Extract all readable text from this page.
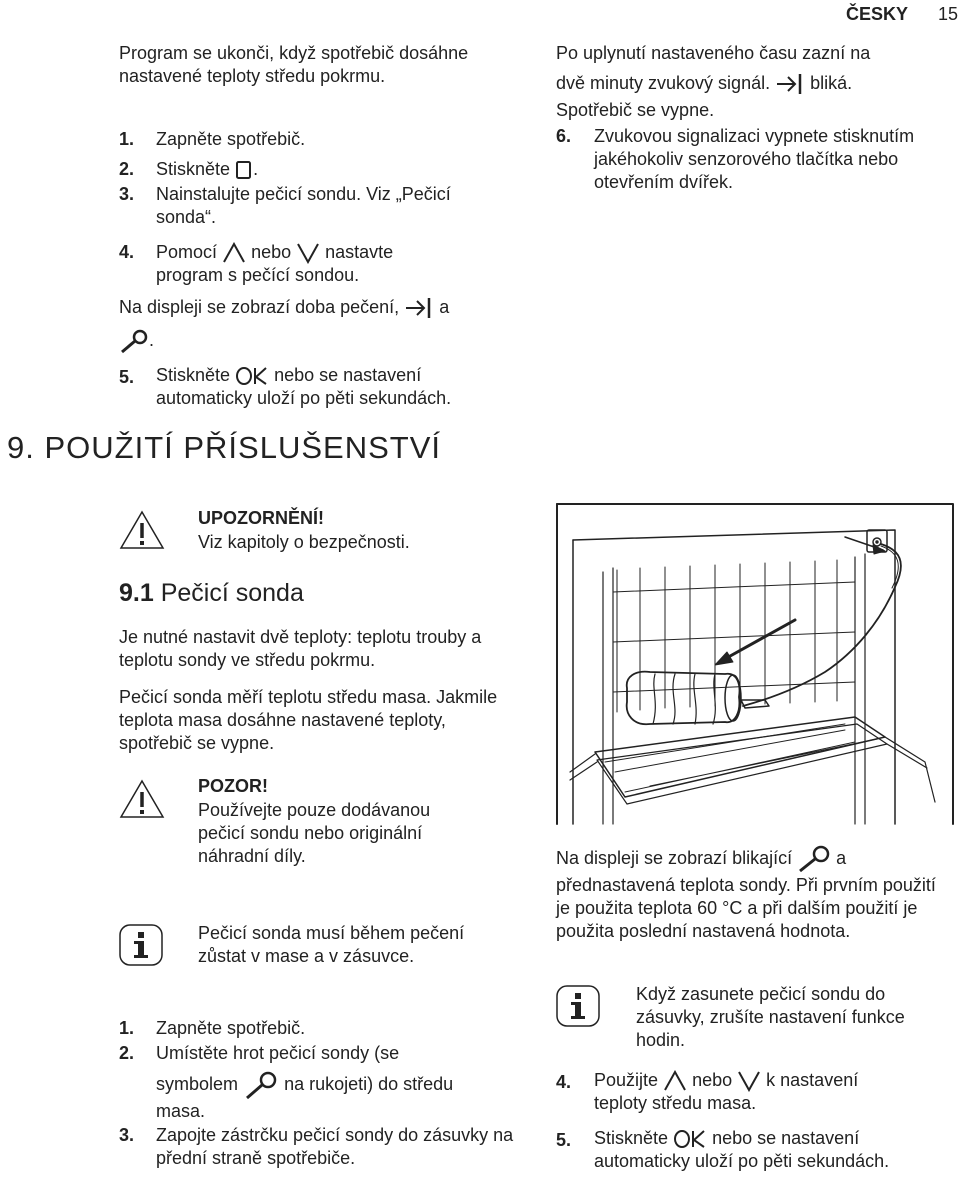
ČESKY 15
Program se ukonči, když spotřebič dosáhne nastavené teploty středu pokrmu.
1. Zapněte spotřebič.
2. Stiskněte .
3. Nainstalujte pečicí sondu. Viz „Pečicí sonda“.
4. Pomocí nebo nastavte
program s pečící sondou.
Na displeji se zobrazí doba pečení, a
.
5. Stiskněte nebo se nastavení
automaticky uloží po pěti sekundách.
9. POUŽITÍ PŘÍSLUŠENSTVÍ
UPOZORNĚNÍ!
Viz kapitoly o bezpečnosti.
9.1 Pečicí sonda
Je nutné nastavit dvě teploty: teplotu trouby a teplotu sondy ve středu pokrmu.
Pečicí sonda měří teplotu středu masa. Jakmile teplota masa dosáhne nastavené teploty, spotřebič se vypne.
POZOR!
Používejte pouze dodávanou pečicí sondu nebo originální náhradní díly.
Pečicí sonda musí během pečení zůstat v mase a v zásuvce.
1. Zapněte spotřebič.
2. Umístěte hrot pečicí sondy (se
symbolem	na rukojeti) do středu
masa.
3. Zapojte zástrčku pečicí sondy do zásuvky na přední straně spotřebiče.
Po uplynutí nastaveného času zazní na
dvě minuty zvukový signál. bliká.
Spotřebič se vypne.
6. Zvukovou signalizaci vypnete stisknutím jakéhokoliv senzorového tlačítka nebo otevřením dvířek.
Na displeji se zobrazí blikající a
přednastavená teplota sondy. Při prvním použití je použita teplota 60 °C a při dalším použití je použita poslední nastavená hodnota.
Když zasunete pečicí sondu do zásuvky, zrušíte nastavení funkce hodin.
4. Použijte nebo k nastavení
teploty středu masa.
5. Stiskněte nebo se nastavení
automaticky uloží po pěti sekundách.
